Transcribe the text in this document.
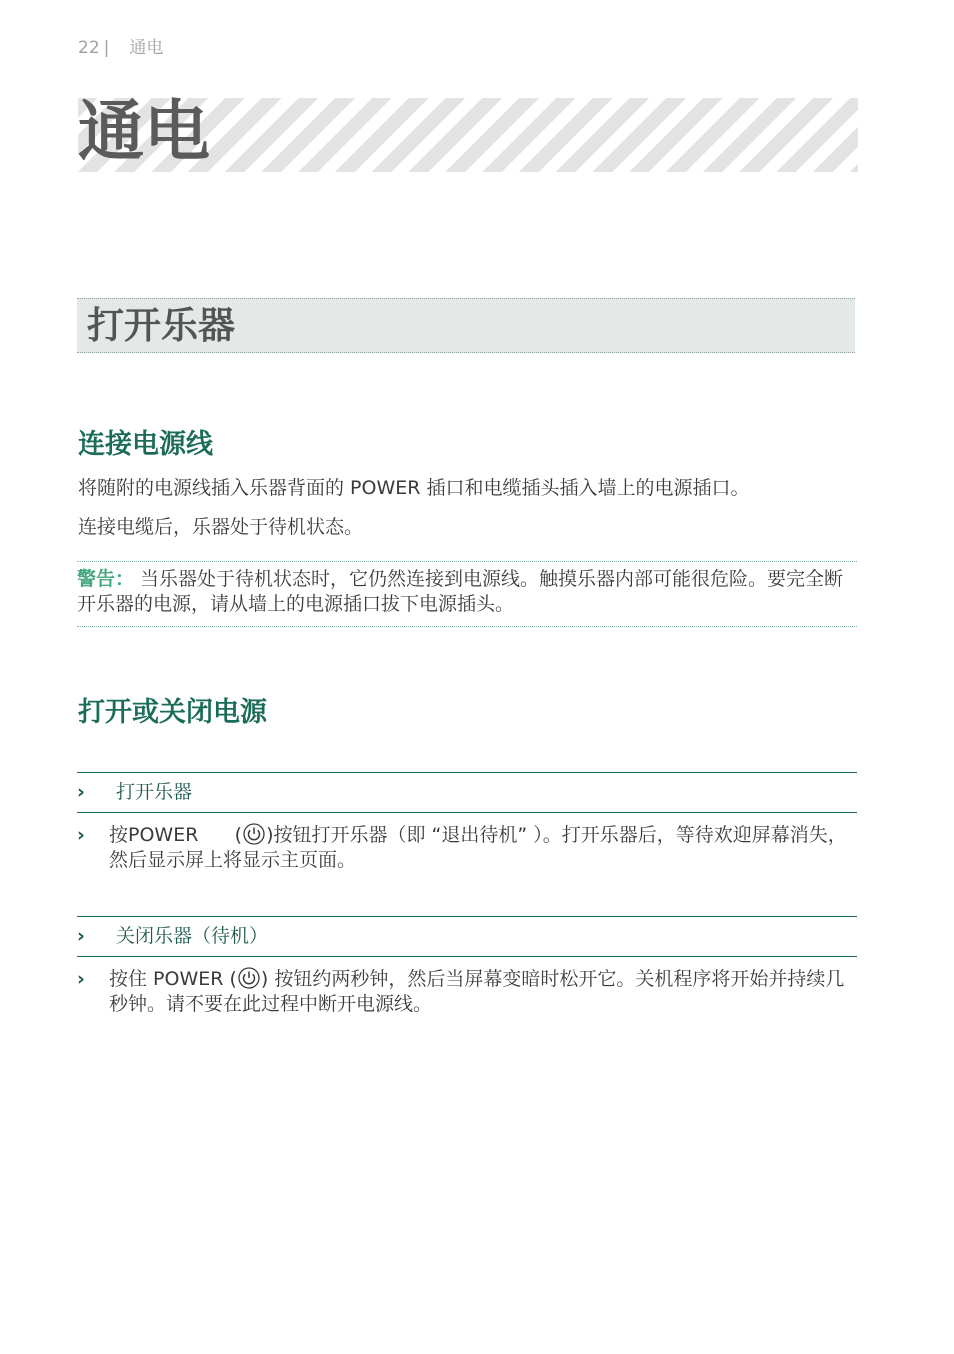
22 | 通电
通电
打开乐器
连接电源线
将随附的电源线插入乐器背面的 POWER 插口和电缆插头插入墙上的电源插口。
连接电缆后，乐器处于待机状态。
警告： 当乐器处于待机状态时，它仍然连接到电源线。触摸乐器内部可能很危险。要完全断开乐器的电源，请从墙上的电源插口拔下电源插头。
打开或关闭电源
› 打开乐器
› 按POWER      ( )按钮打开乐器（即 “退出待机” ）。打开乐器后，等待欢迎屏幕消失，然后显示屏上将显示主页面。
› 关闭乐器（待机）
› 按住 POWER ( ) 按钮约两秒钟，然后当屏幕变暗时松开它。关机程序将开始并持续几秒钟。请不要在此过程中断开电源线。
